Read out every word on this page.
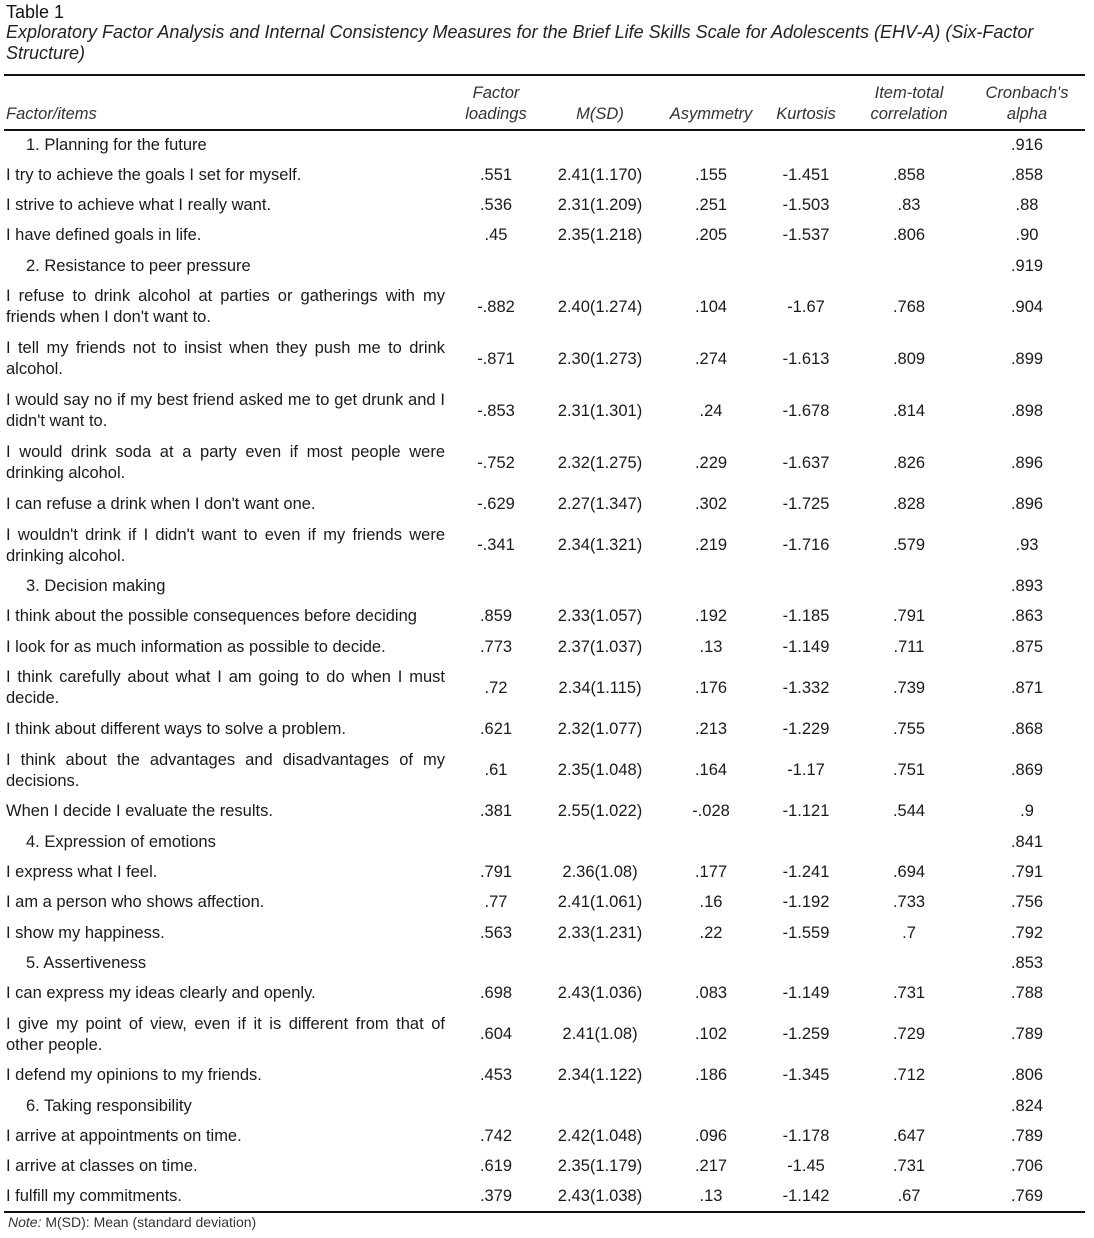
Table 1
Exploratory Factor Analysis and Internal Consistency Measures for the Brief Life Skills Scale for Adolescents (EHV-A) (Six-Factor Structure)
Factor/items	Factor loadings	M(SD)	Asymmetry	Kurtosis	Item-total correlation	Cronbach's alpha
1. Planning for the future						.916
I try to achieve the goals I set for myself.	.551	2.41(1.170)	.155	-1.451	.858	.858
I strive to achieve what I really want.	.536	2.31(1.209)	.251	-1.503	.83	.88
I have defined goals in life.	.45	2.35(1.218)	.205	-1.537	.806	.90
2. Resistance to peer pressure						.919
I refuse to drink alcohol at parties or gatherings with my friends when I don't want to.	-.882	2.40(1.274)	.104	-1.67	.768	.904
I tell my friends not to insist when they push me to drink alcohol.	-.871	2.30(1.273)	.274	-1.613	.809	.899
I would say no if my best friend asked me to get drunk and I didn't want to.	-.853	2.31(1.301)	.24	-1.678	.814	.898
I would drink soda at a party even if most people were drinking alcohol.	-.752	2.32(1.275)	.229	-1.637	.826	.896
I can refuse a drink when I don't want one.	-.629	2.27(1.347)	.302	-1.725	.828	.896
I wouldn't drink if I didn't want to even if my friends were drinking alcohol.	-.341	2.34(1.321)	.219	-1.716	.579	.93
3. Decision making						.893
I think about the possible consequences before deciding	.859	2.33(1.057)	.192	-1.185	.791	.863
I look for as much information as possible to decide.	.773	2.37(1.037)	.13	-1.149	.711	.875
I think carefully about what I am going to do when I must decide.	.72	2.34(1.115)	.176	-1.332	.739	.871
I think about different ways to solve a problem.	.621	2.32(1.077)	.213	-1.229	.755	.868
I think about the advantages and disadvantages of my decisions.	.61	2.35(1.048)	.164	-1.17	.751	.869
When I decide I evaluate the results.	.381	2.55(1.022)	-.028	-1.121	.544	.9
4. Expression of emotions						.841
I express what I feel.	.791	2.36(1.08)	.177	-1.241	.694	.791
I am a person who shows affection.	.77	2.41(1.061)	.16	-1.192	.733	.756
I show my happiness.	.563	2.33(1.231)	.22	-1.559	.7	.792
5. Assertiveness						.853
I can express my ideas clearly and openly.	.698	2.43(1.036)	.083	-1.149	.731	.788
I give my point of view, even if it is different from that of other people.	.604	2.41(1.08)	.102	-1.259	.729	.789
I defend my opinions to my friends.	.453	2.34(1.122)	.186	-1.345	.712	.806
6. Taking responsibility						.824
I arrive at appointments on time.	.742	2.42(1.048)	.096	-1.178	.647	.789
I arrive at classes on time.	.619	2.35(1.179)	.217	-1.45	.731	.706
I fulfill my commitments.	.379	2.43(1.038)	.13	-1.142	.67	.769
Note: M(SD): Mean (standard deviation)
